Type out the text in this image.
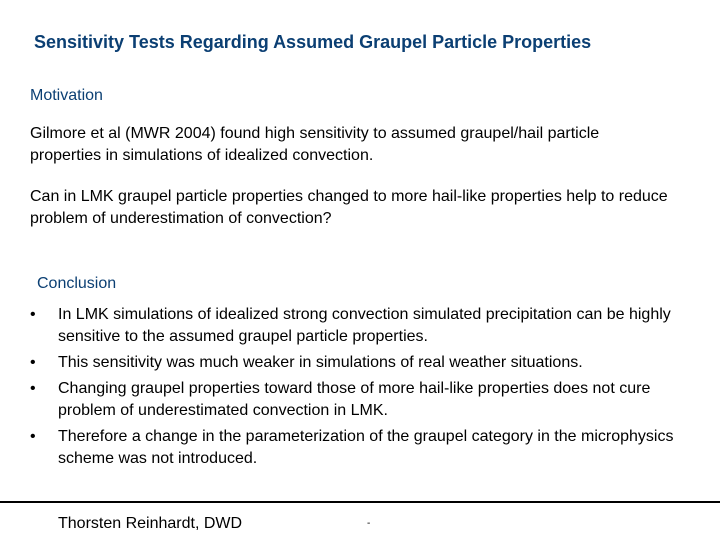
Sensitivity Tests Regarding Assumed Graupel Particle Properties
Motivation
Gilmore et al (MWR 2004) found high sensitivity to assumed graupel/hail particle properties in simulations of idealized convection.
Can in LMK graupel particle properties changed to more hail-like properties help to reduce problem of underestimation of convection?
Conclusion
•	In LMK simulations of idealized strong convection simulated precipitation can be highly sensitive to the assumed graupel particle properties.
•	This sensitivity was much weaker in simulations of real weather situations.
•	Changing graupel properties toward those of more hail-like properties does not cure problem of underestimated convection in LMK.
•	Therefore a change in the parameterization of the graupel category in the microphysics scheme was not introduced.
Thorsten Reinhardt, DWD	-
